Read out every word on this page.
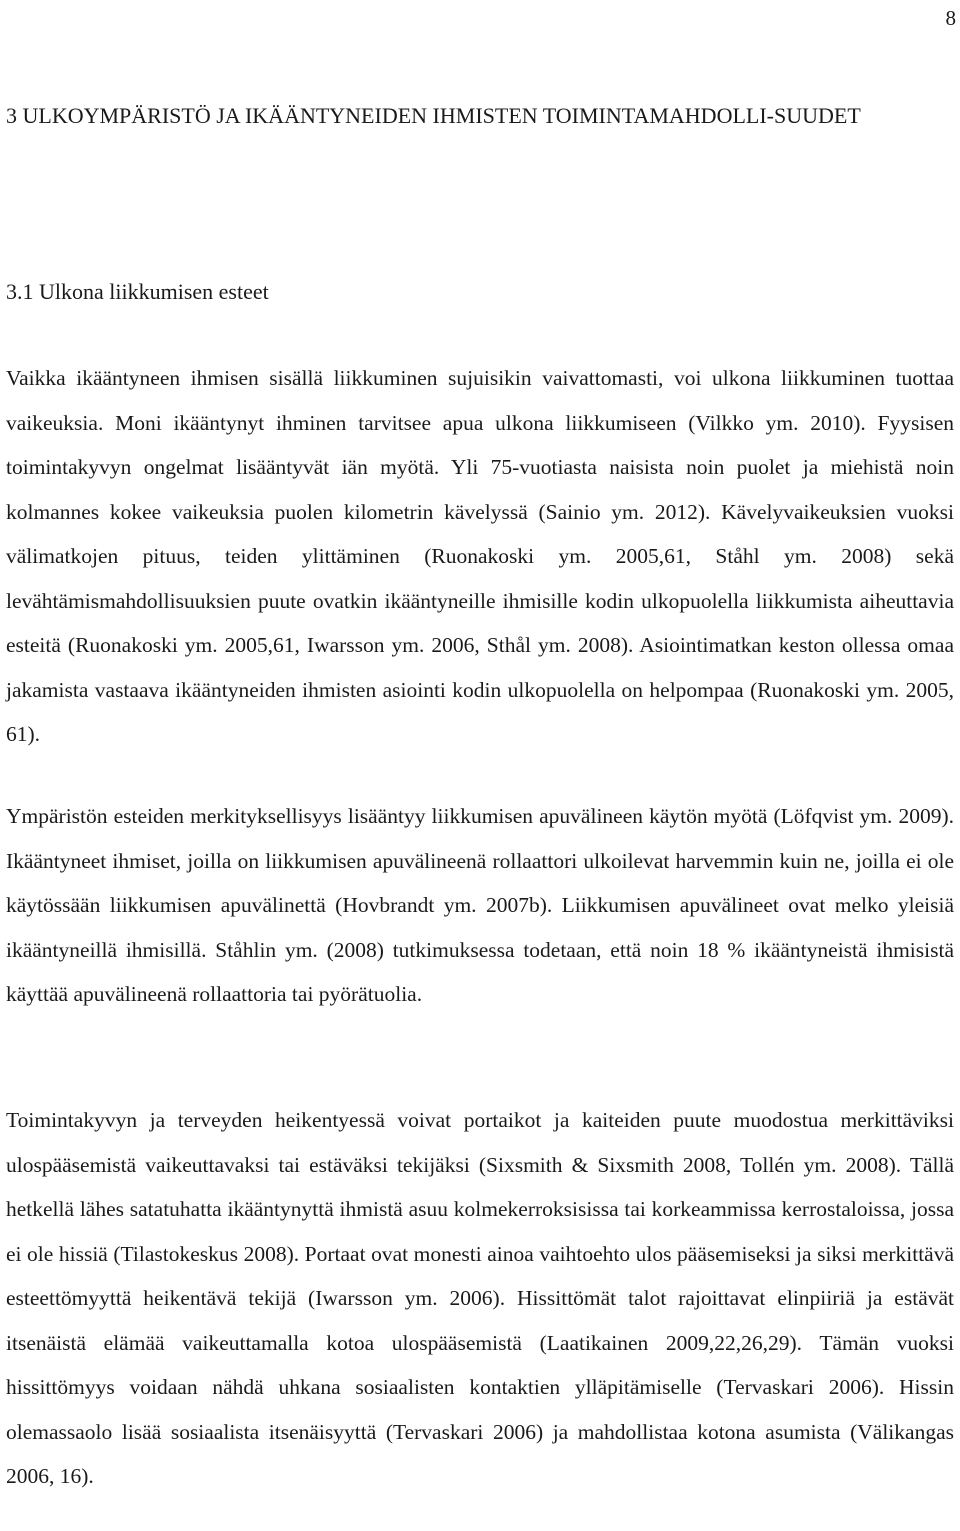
8
3 ULKOYMPÄRISTÖ JA IKÄÄNTYNEIDEN IHMISTEN TOIMINTAMAHDOLLI-SUUDET
3.1 Ulkona liikkumisen esteet

Vaikka ikääntyneen ihmisen sisällä liikkuminen sujuisikin vaivattomasti, voi ulkona liikkuminen tuottaa vaikeuksia. Moni ikääntynyt ihminen tarvitsee apua ulkona liikkumiseen (Vilkko ym. 2010). Fyysisen toimintakyvyn ongelmat lisääntyvät iän myötä. Yli 75-vuotiasta naisista noin puolet ja miehistä noin kolmannes kokee vaikeuksia puolen kilometrin kävelyssä (Sainio ym. 2012). Kävelyvaikeuksien vuoksi välimatkojen pituus, teiden ylittäminen (Ruonakoski ym. 2005,61, Ståhl ym. 2008) sekä levähtämismahdollisuuksien puute ovatkin ikääntyneille ihmisille kodin ulkopuolella liikkumista aiheuttavia esteitä (Ruonakoski ym. 2005,61, Iwarsson ym. 2006, Sthål ym. 2008). Asiointimatkan keston ollessa omaa jakamista vastaava ikääntyneiden ihmisten asiointi kodin ulkopuolella on helpompaa (Ruonakoski ym. 2005, 61).

Ympäristön esteiden merkityksellisyys lisääntyy liikkumisen apuvälineen käytön myötä (Löfqvist ym. 2009). Ikääntyneet ihmiset, joilla on liikkumisen apuvälineenä rollaattori ulkoilevat harvemmin kuin ne, joilla ei ole käytössään liikkumisen apuvälinettä (Hovbrandt ym. 2007b). Liikkumisen apuvälineet ovat melko yleisiä ikääntyneillä ihmisillä. Ståhlin ym. (2008) tutkimuksessa todetaan, että noin 18 % ikääntyneistä ihmisistä käyttää apuvälineenä rollaattoria tai pyörätuolia.

Toimintakyvyn ja terveyden heikentyessä voivat portaikot ja kaiteiden puute muodostua merkittäviksi ulospääsemistä vaikeuttavaksi tai estäväksi tekijäksi (Sixsmith & Sixsmith 2008, Tollén ym. 2008). Tällä hetkellä lähes satatuhatta ikääntynyttä ihmistä asuu kolmekerroksisissa tai korkeammissa kerrostaloissa, jossa ei ole hissiä (Tilastokeskus 2008). Portaat ovat monesti ainoa vaihtoehto ulos pääsemiseksi ja siksi merkittävä esteettömyyttä heikentävä tekijä (Iwarsson ym. 2006). Hissittömät talot rajoittavat elinpiiriä ja estävät itsenäistä elämää vaikeuttamalla kotoa ulospääsemistä (Laatikainen 2009,22,26,29). Tämän vuoksi hissittömyys voidaan nähdä uhkana sosiaalisten kontaktien ylläpitämiselle (Tervaskari 2006). Hissin olemassaolo lisää sosiaalista itsenäisyyttä (Tervaskari 2006) ja mahdollistaa kotona asumista (Välikangas 2006, 16).
